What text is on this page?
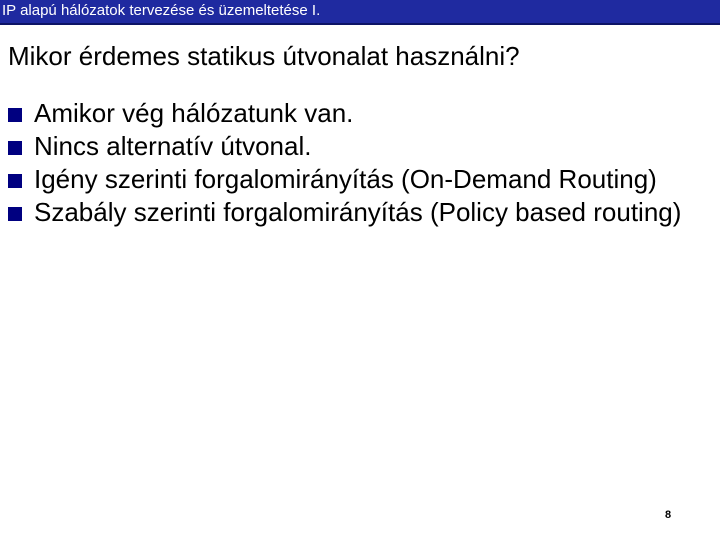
IP alapú hálózatok tervezése és üzemeltetése I.
Mikor érdemes statikus útvonalat használni?
Amikor vég hálózatunk van.
Nincs alternatív útvonal.
Igény szerinti forgalomirányítás (On-Demand Routing)
Szabály szerinti forgalomirányítás (Policy based routing)
8
